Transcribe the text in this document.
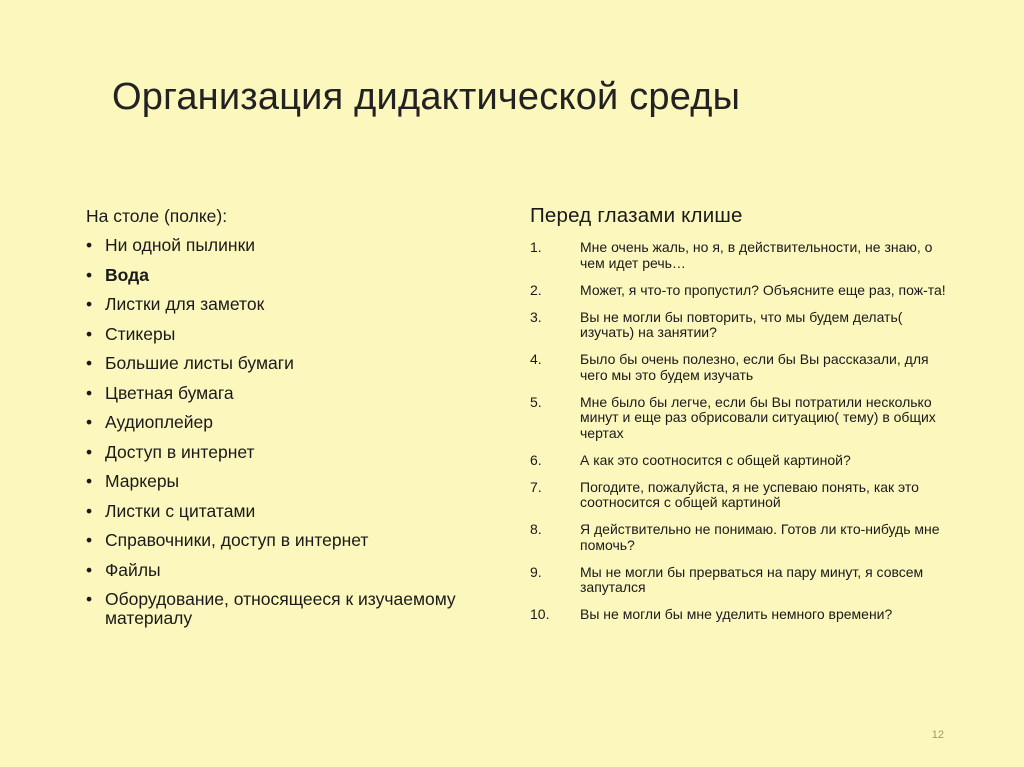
Организация дидактической среды
На столе (полке):
• Ни одной пылинки
• Вода
• Листки для заметок
• Стикеры
• Большие листы бумаги
• Цветная бумага
• Аудиоплейер
• Доступ в интернет
• Маркеры
• Листки с цитатами
• Справочники, доступ в интернет
• Файлы
• Оборудование, относящееся к изучаемому материалу
Перед глазами клише
1.	Мне очень жаль, но я, в действительности, не знаю, о чем идет речь…
2.	Может, я что-то пропустил? Объясните еще раз, пож-та!
3.	Вы не могли бы повторить, что мы будем делать( изучать) на занятии?
4.	Было бы очень полезно, если бы Вы рассказали, для чего мы это будем изучать
5.	Мне было бы легче, если бы Вы потратили несколько минут и еще раз обрисовали ситуацию( тему) в общих чертах
6.	А как это соотносится с общей картиной?
7.	Погодите, пожалуйста, я не успеваю понять, как это соотносится с общей картиной
8.	Я действительно не понимаю. Готов ли кто-нибудь мне помочь?
9.	Мы не могли бы прерваться на пару минут, я совсем запутался
10.	Вы не могли бы мне уделить немного времени?
12
